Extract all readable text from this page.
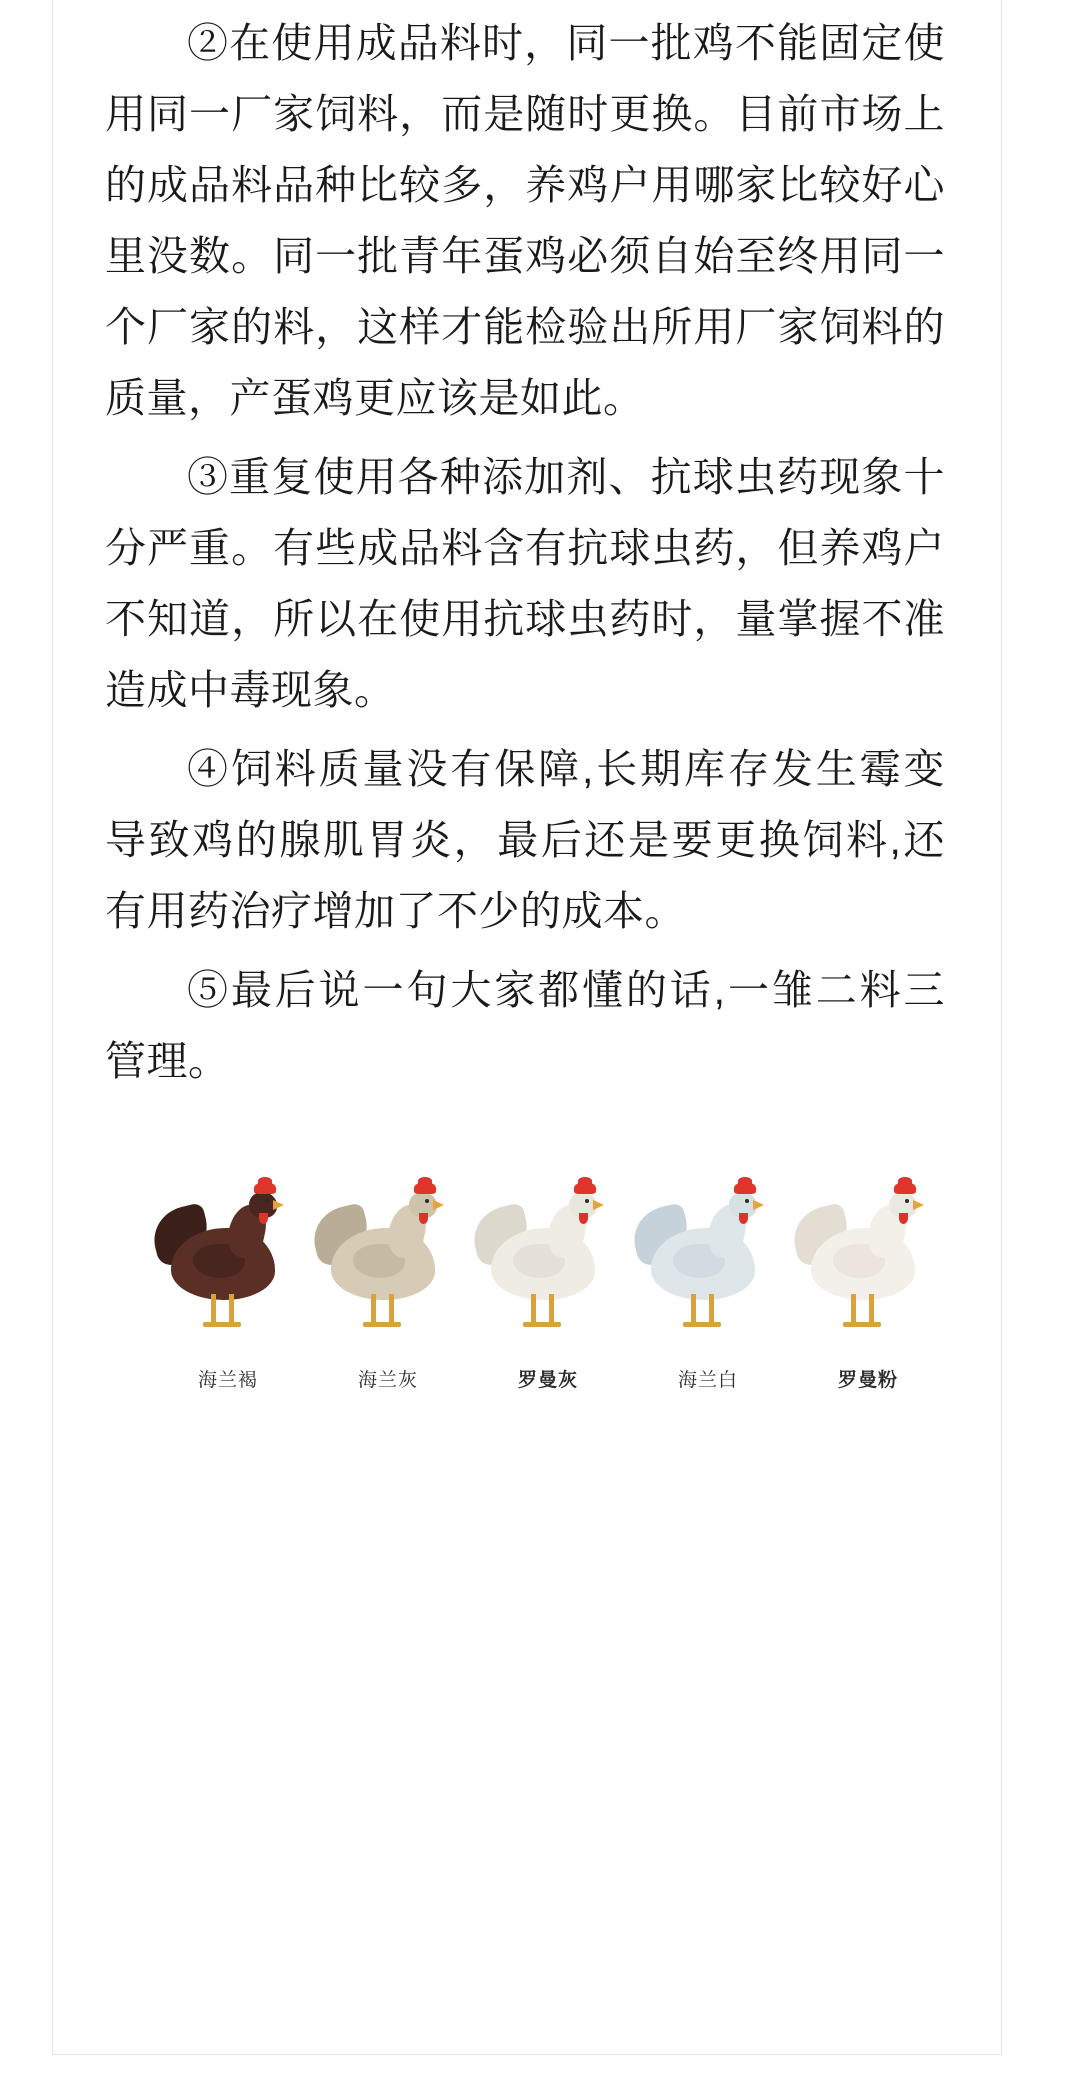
②在使用成品料时，同一批鸡不能固定使用同一厂家饲料，而是随时更换。目前市场上的成品料品种比较多，养鸡户用哪家比较好心里没数。同一批青年蛋鸡必须自始至终用同一个厂家的料，这样才能检验出所用厂家饲料的质量，产蛋鸡更应该是如此。

③重复使用各种添加剂、抗球虫药现象十分严重。有些成品料含有抗球虫药，但养鸡户不知道，所以在使用抗球虫药时，量掌握不准造成中毒现象。

④饲料质量没有保障,长期库存发生霉变导致鸡的腺肌胃炎，最后还是要更换饲料,还有用药治疗增加了不少的成本。

⑤最后说一句大家都懂的话,一雏二料三管理。

海兰褐	海兰灰	罗曼灰	海兰白	罗曼粉
